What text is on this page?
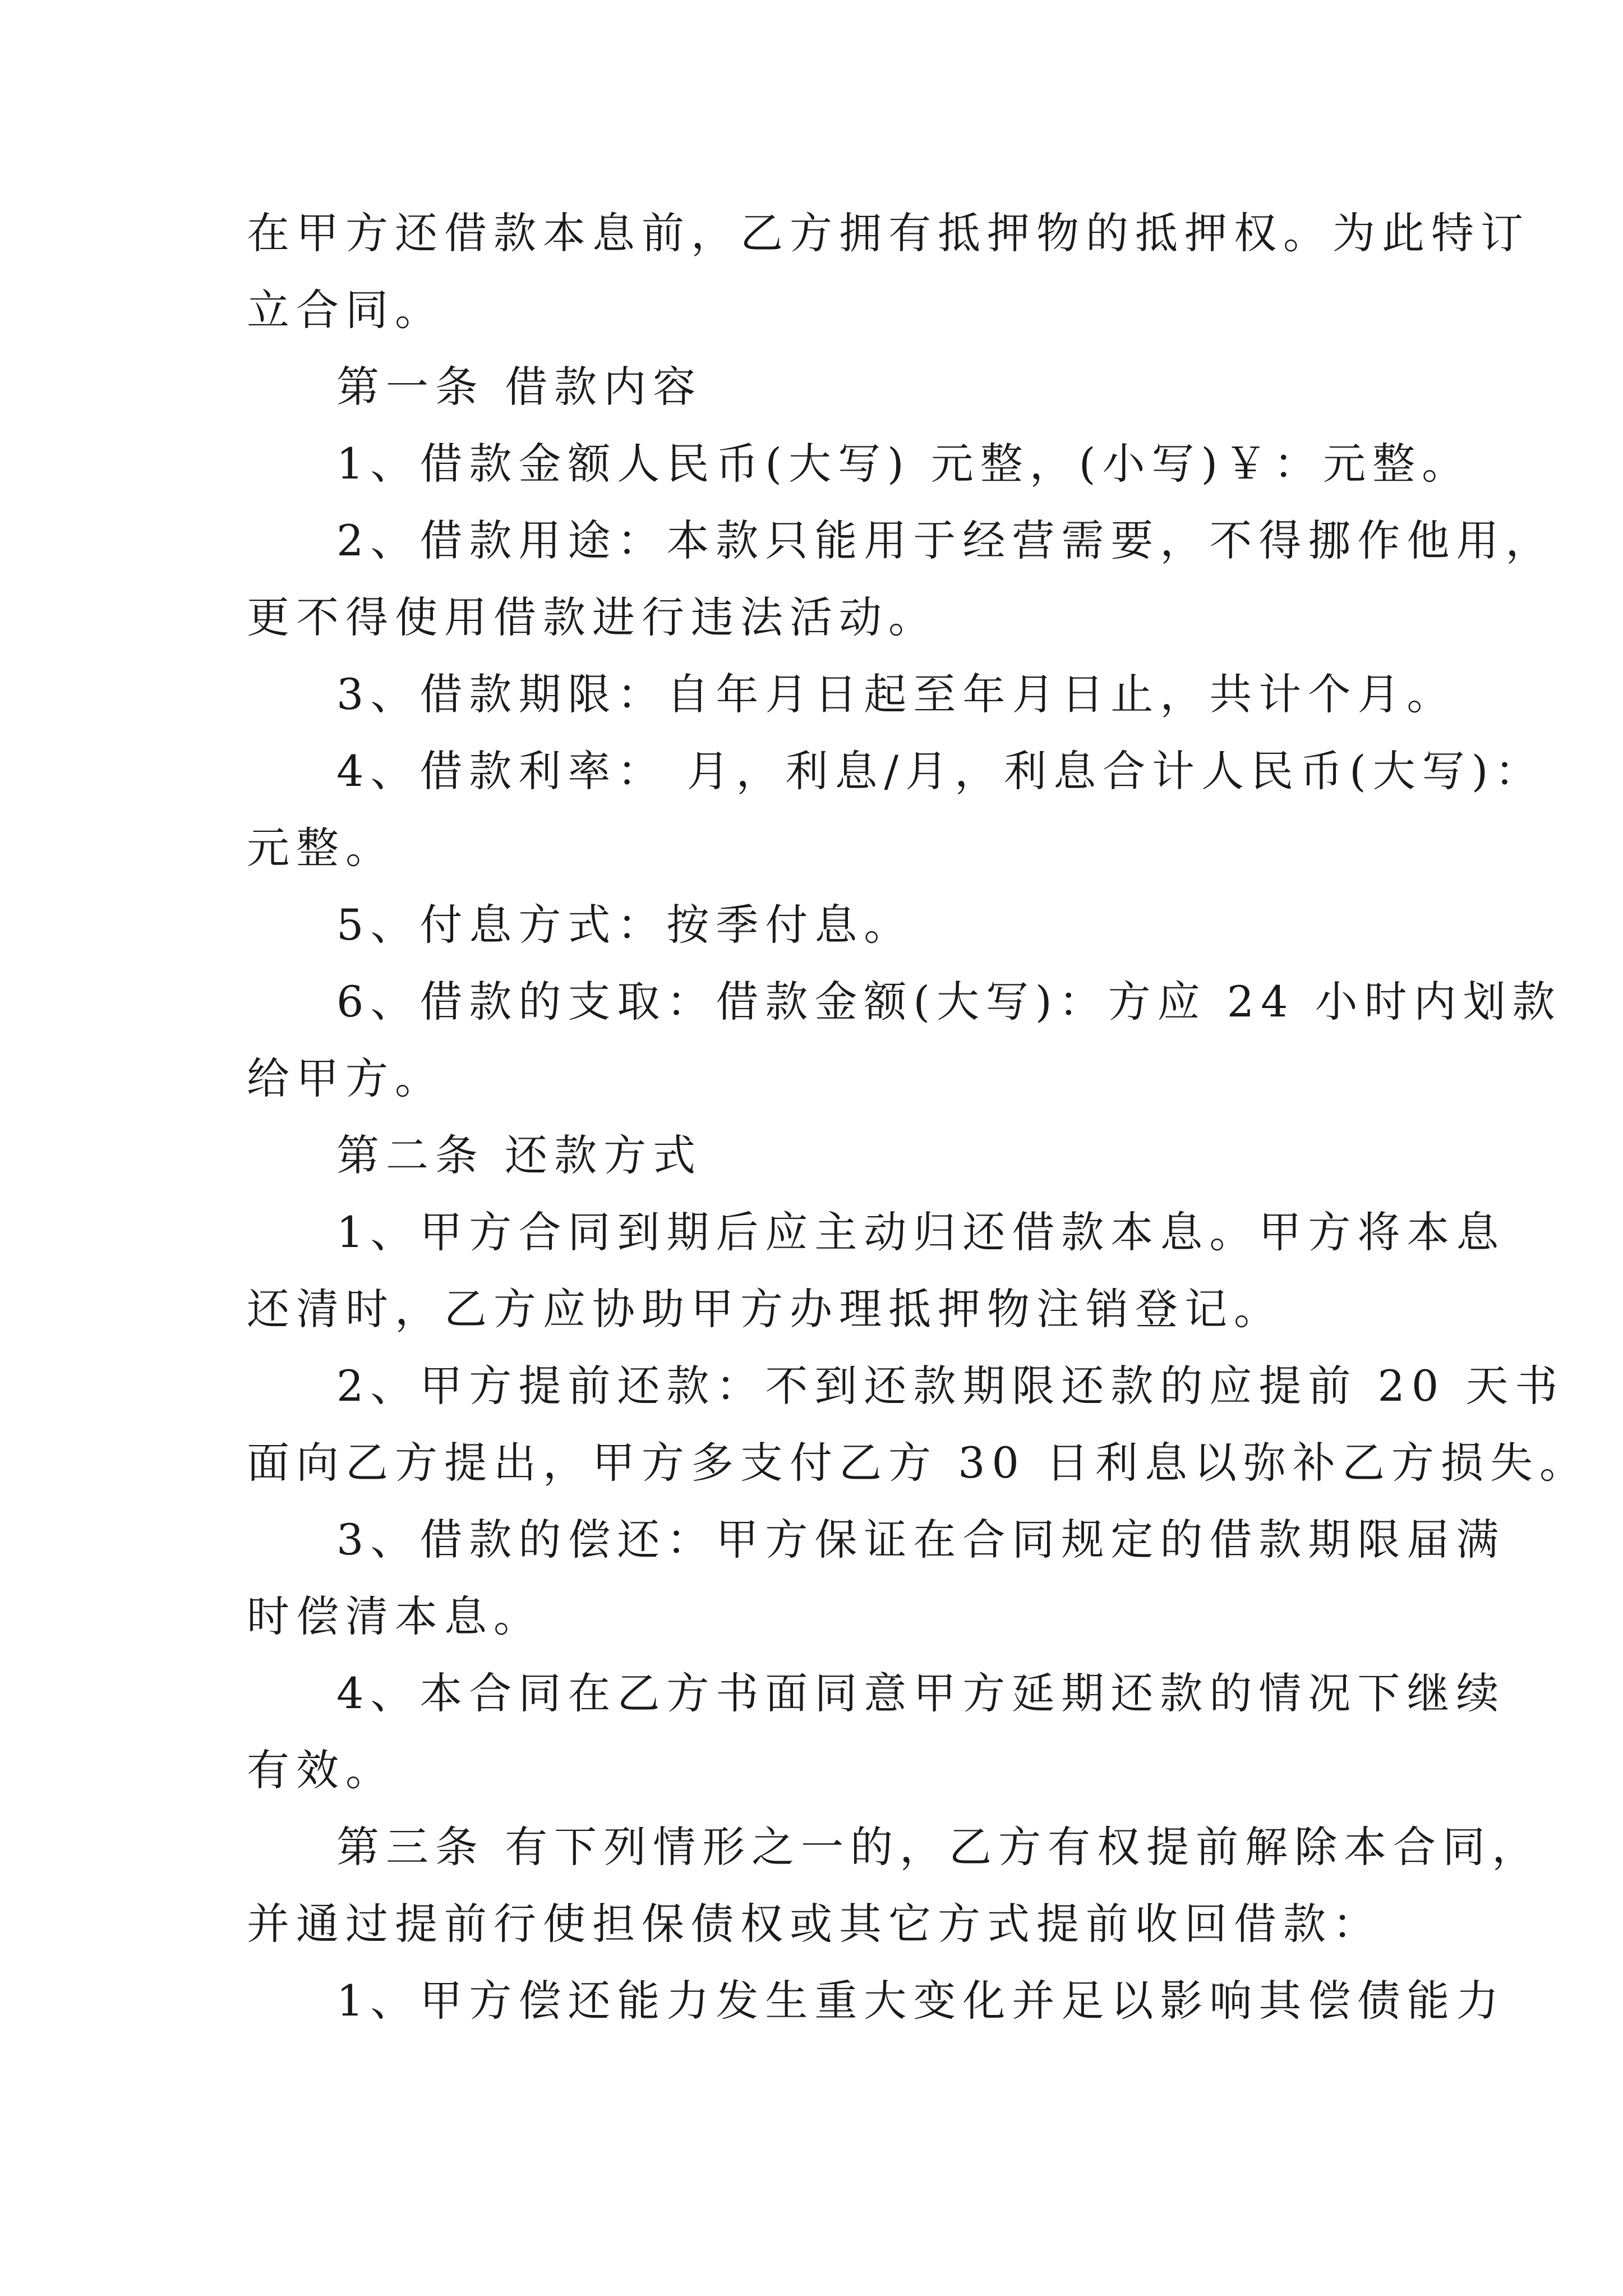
在甲方还借款本息前，乙方拥有抵押物的抵押权。为此特订
立合同。
第一条 借款内容
1、借款金额人民币(大写) 元整，(小写)￥：元整。
2、借款用途：本款只能用于经营需要，不得挪作他用，
更不得使用借款进行违法活动。
3、借款期限：自年月日起至年月日止，共计个月。
4、借款利率： 月，利息/月，利息合计人民币(大写)：
元整。
5、付息方式：按季付息。
6、借款的支取：借款金额(大写)：方应 24 小时内划款
给甲方。
第二条 还款方式
1、甲方合同到期后应主动归还借款本息。甲方将本息
还清时，乙方应协助甲方办理抵押物注销登记。
2、甲方提前还款：不到还款期限还款的应提前 20 天书
面向乙方提出，甲方多支付乙方 30 日利息以弥补乙方损失。
3、借款的偿还：甲方保证在合同规定的借款期限届满
时偿清本息。
4、本合同在乙方书面同意甲方延期还款的情况下继续
有效。
第三条 有下列情形之一的，乙方有权提前解除本合同，
并通过提前行使担保债权或其它方式提前收回借款：
1、甲方偿还能力发生重大变化并足以影响其偿债能力
